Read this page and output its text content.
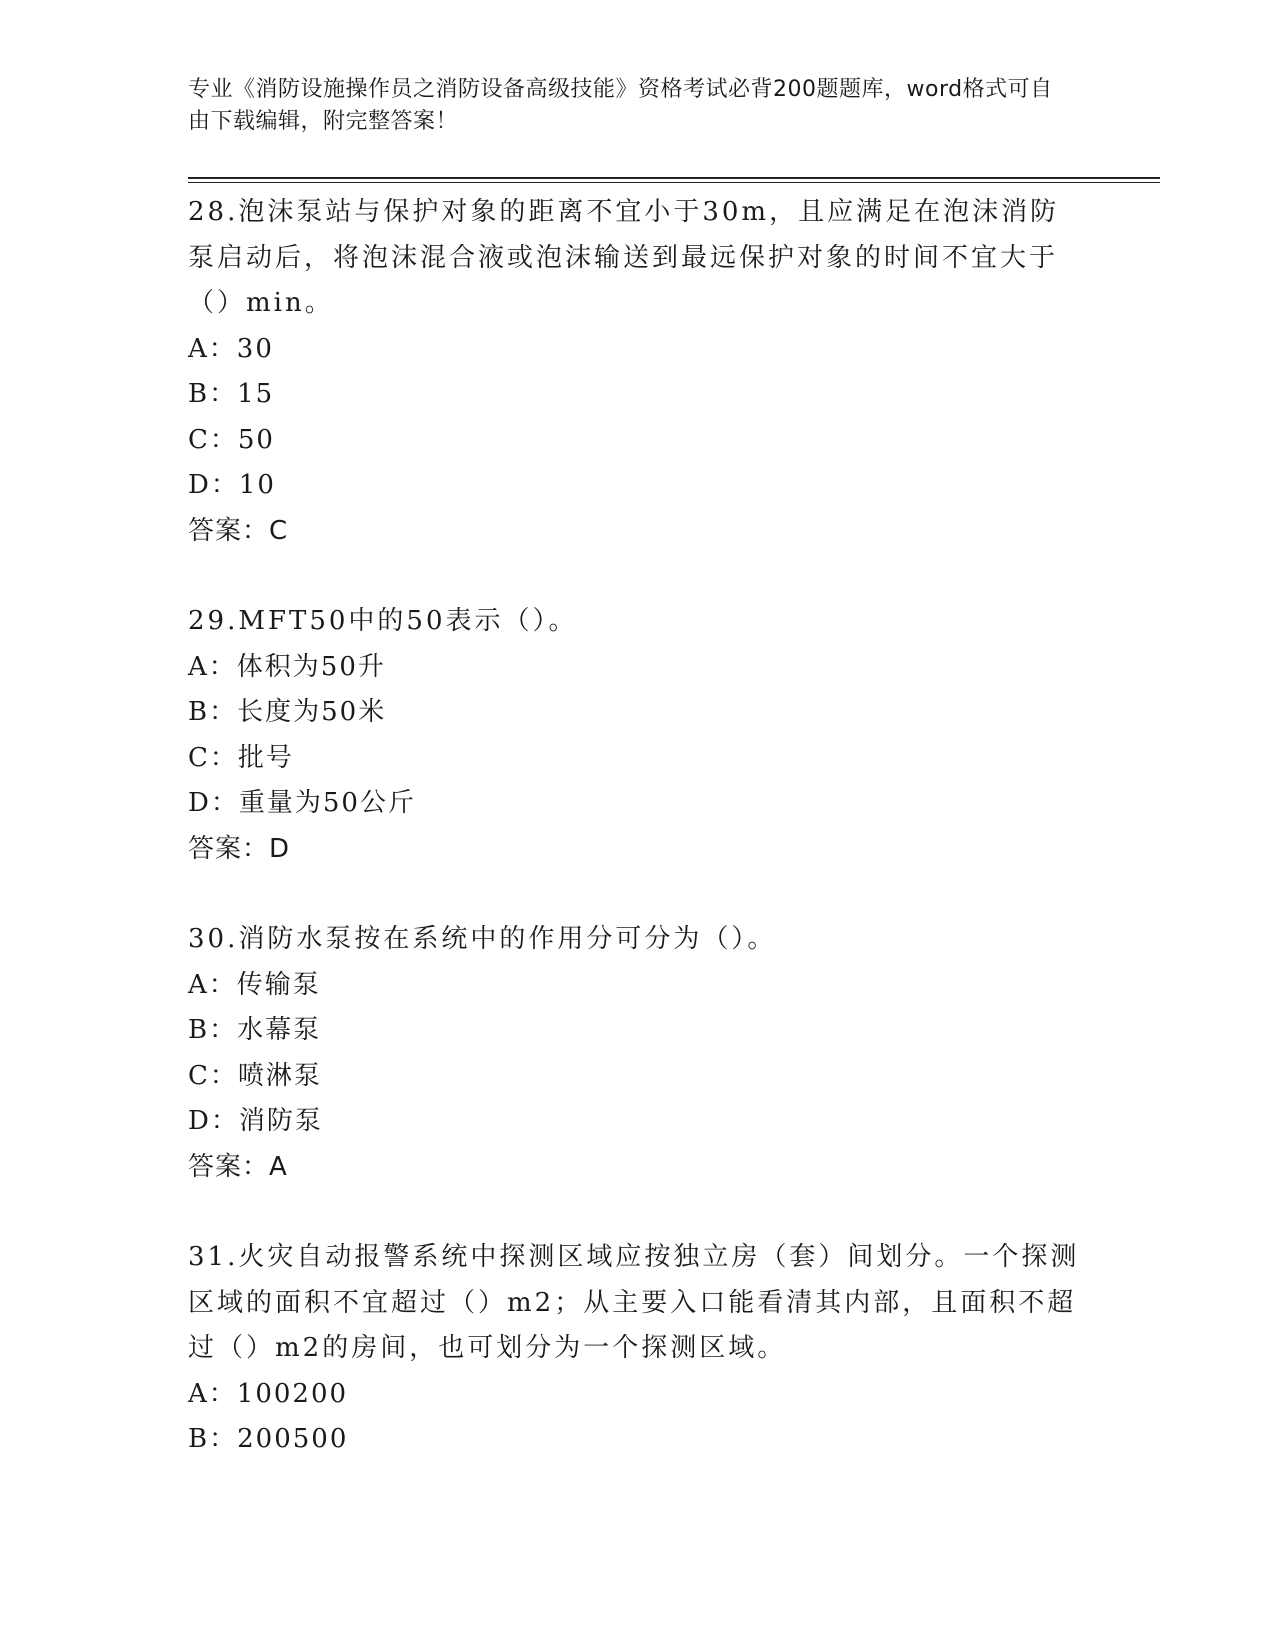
专业《消防设施操作员之消防设备高级技能》资格考试必背200题题库，word格式可自由下载编辑，附完整答案！
28.泡沫泵站与保护对象的距离不宜小于30m，且应满足在泡沫消防泵启动后，将泡沫混合液或泡沫输送到最远保护对象的时间不宜大于（）min。
A：30
B：15
C：50
D：10
答案：C
29.MFT50中的50表示（）。
A：体积为50升
B：长度为50米
C：批号
D：重量为50公斤
答案：D
30.消防水泵按在系统中的作用分可分为（）。
A：传输泵
B：水幕泵
C：喷淋泵
D：消防泵
答案：A
31.火灾自动报警系统中探测区域应按独立房（套）间划分。一个探测区域的面积不宜超过（）m2；从主要入口能看清其内部，且面积不超过（）m2的房间，也可划分为一个探测区域。
A：100200
B：200500
